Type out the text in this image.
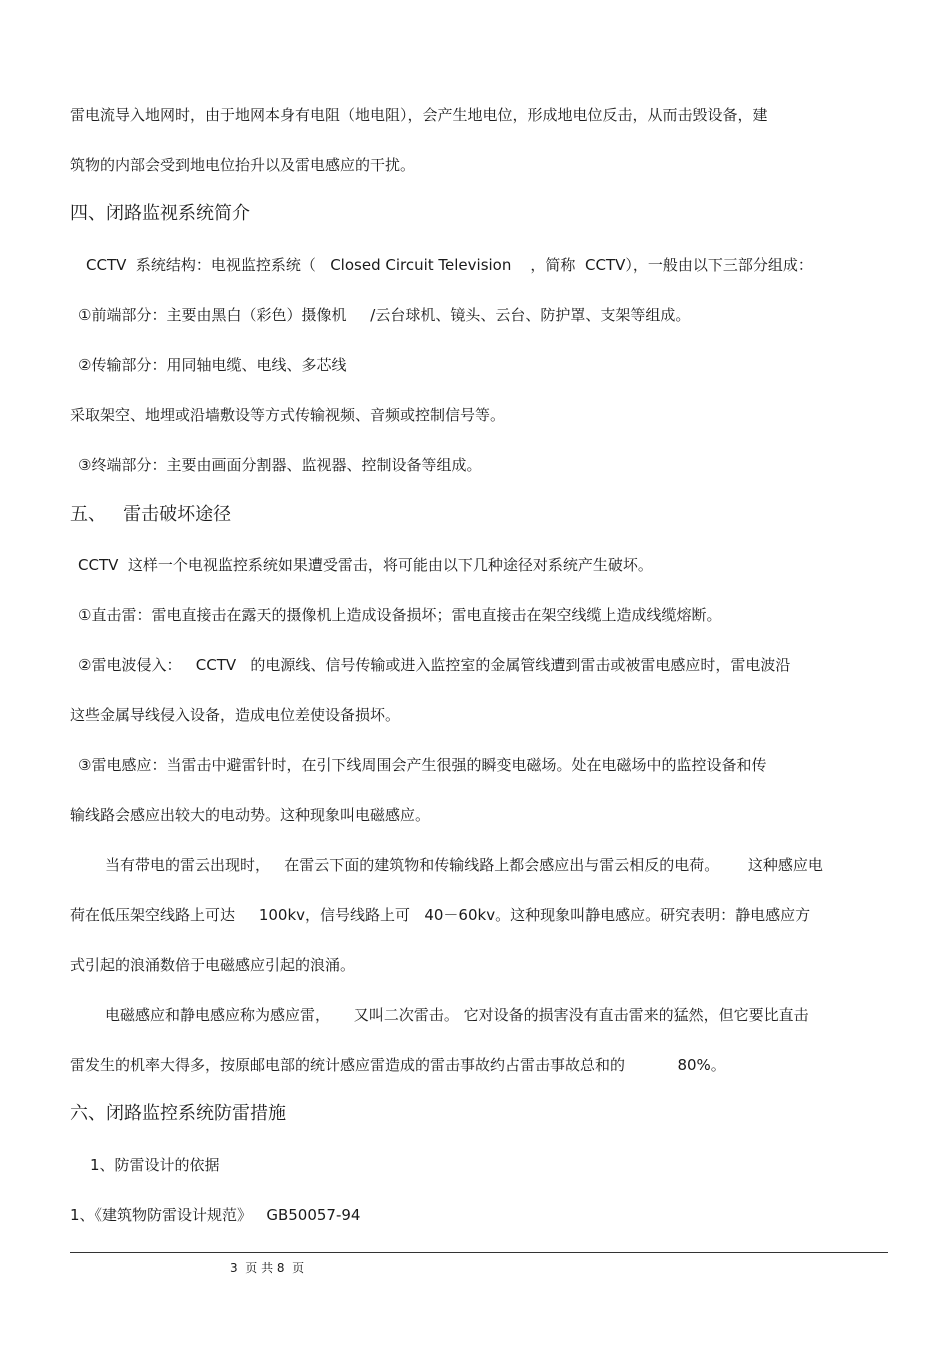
雷电流导入地网时，由于地网本身有电阻（地电阻），会产生地电位，形成地电位反击，从而击毁设备，建

筑物的内部会受到地电位抬升以及雷电感应的干扰。

四、闭路监视系统简介

CCTV  系统结构：电视监控系统（   Closed Circuit Television    ，简称  CCTV），一般由以下三部分组成：

①前端部分：主要由黑白（彩色）摄像机     /云台球机、镜头、云台、防护罩、支架等组成。

②传输部分：用同轴电缆、电线、多芯线

采取架空、地埋或沿墙敷设等方式传输视频、音频或控制信号等。

③终端部分：主要由画面分割器、监视器、控制设备等组成。

五、   雷击破坏途径

CCTV  这样一个电视监控系统如果遭受雷击，将可能由以下几种途径对系统产生破坏。

①直击雷：雷电直接击在露天的摄像机上造成设备损坏；雷电直接击在架空线缆上造成线缆熔断。

②雷电波侵入：   CCTV   的电源线、信号传输或进入监控室的金属管线遭到雷击或被雷电感应时，雷电波沿

这些金属导线侵入设备，造成电位差使设备损坏。

③雷电感应：当雷击中避雷针时，在引下线周围会产生很强的瞬变电磁场。处在电磁场中的监控设备和传

输线路会感应出较大的电动势。这种现象叫电磁感应。

当有带电的雷云出现时，   在雷云下面的建筑物和传输线路上都会感应出与雷云相反的电荷。      这种感应电

荷在低压架空线路上可达     100kv，信号线路上可   40－60kv。这种现象叫静电感应。研究表明：静电感应方

式引起的浪涌数倍于电磁感应引起的浪涌。

电磁感应和静电感应称为感应雷，     又叫二次雷击。 它对设备的损害没有直击雷来的猛然，但它要比直击

雷发生的机率大得多，按原邮电部的统计感应雷造成的雷击事故约占雷击事故总和的           80%。

六、闭路监控系统防雷措施

1、防雷设计的依据

1、《建筑物防雷设计规范》   GB50057-94

3  页 共 8  页
